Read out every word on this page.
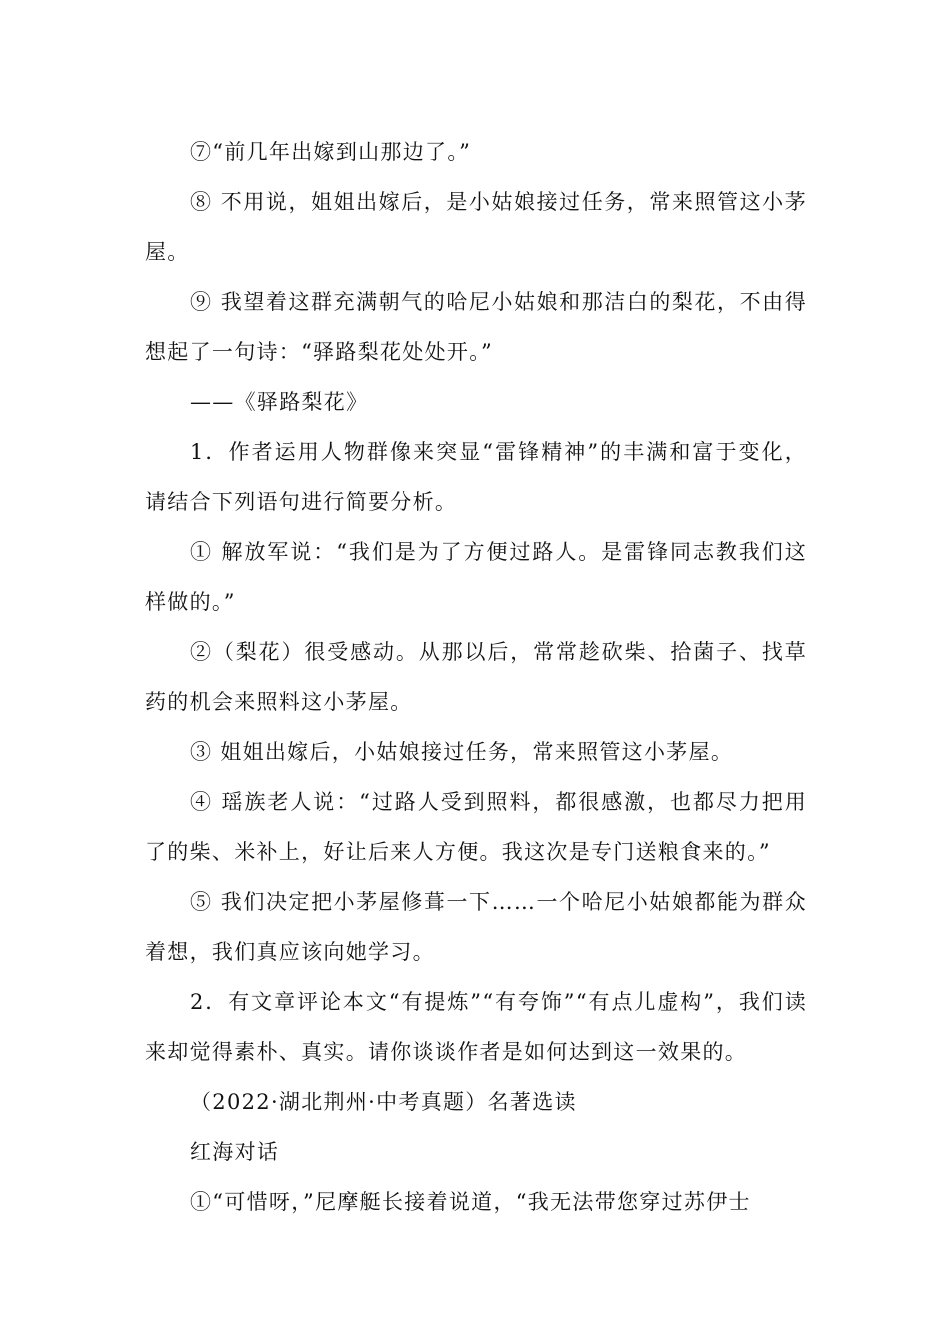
⑦“前几年出嫁到山那边了。”

⑧ 不用说，姐姐出嫁后，是小姑娘接过任务，常来照管这小茅屋。

⑨ 我望着这群充满朝气的哈尼小姑娘和那洁白的梨花，不由得想起了一句诗：“驿路梨花处处开。”

——《驿路梨花》

1．作者运用人物群像来突显“雷锋精神”的丰满和富于变化，请结合下列语句进行简要分析。

① 解放军说：“我们是为了方便过路人。是雷锋同志教我们这样做的。”

②（梨花）很受感动。从那以后，常常趁砍柴、拾菌子、找草药的机会来照料这小茅屋。

③ 姐姐出嫁后，小姑娘接过任务，常来照管这小茅屋。

④ 瑶族老人说：“过路人受到照料，都很感激，也都尽力把用了的柴、米补上，好让后来人方便。我这次是专门送粮食来的。”

⑤ 我们决定把小茅屋修葺一下……一个哈尼小姑娘都能为群众着想，我们真应该向她学习。

2．有文章评论本文“有提炼”“有夸饰”“有点儿虚构”，我们读来却觉得素朴、真实。请你谈谈作者是如何达到这一效果的。

（2022·湖北荆州·中考真题）名著选读

红海对话

①“可惜呀，”尼摩艇长接着说道，“我无法带您穿过苏伊士
